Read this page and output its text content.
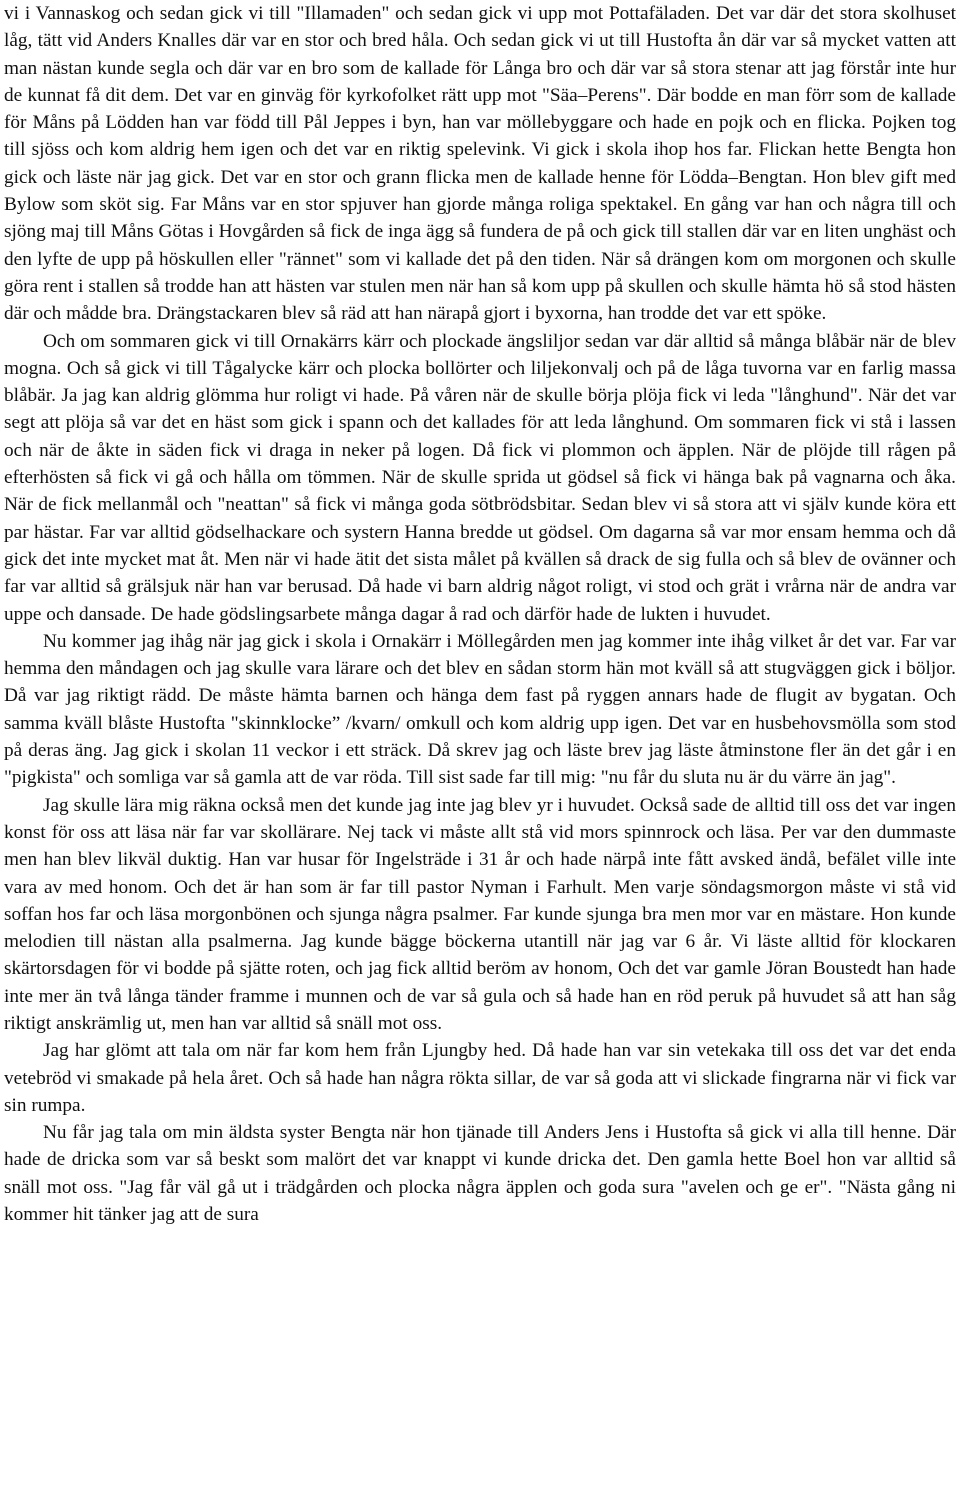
vi i Vannaskog och sedan gick vi till "Illamaden" och sedan gick vi upp mot Pottafäladen. Det var där det stora skolhuset låg, tätt vid Anders Knalles där var en stor och bred håla. Och sedan gick vi ut till Hustofta ån där var så mycket vatten att man nästan kunde segla och där var en bro som de kallade för Långa bro och där var så stora stenar att jag förstår inte hur de kunnat få dit dem. Det var en ginväg för kyrkofolket rätt upp mot "Säa–Perens". Där bodde en man förr som de kallade för Måns på Lödden han var född till Pål Jeppes i byn, han var möllebyggare och hade en pojk och en flicka. Pojken tog till sjöss och kom aldrig hem igen och det var en riktig spelevink. Vi gick i skola ihop hos far. Flickan hette Bengta hon gick och läste när jag gick. Det var en stor och grann flicka men de kallade henne för Lödda–Bengtan. Hon blev gift med Bylow som sköt sig. Far Måns var en stor spjuver han gjorde många roliga spektakel. En gång var han och några till och sjöng maj till Måns Götas i Hovgården så fick de inga ägg så fundera de på och gick till stallen där var en liten unghäst och den lyfte de upp på höskullen eller "rännet" som vi kallade det på den tiden. När så drängen kom om morgonen och skulle göra rent i stallen så trodde han att hästen var stulen men när han så kom upp på skullen och skulle hämta hö så stod hästen där och mådde bra. Drängstackaren blev så räd att han närapå gjort i byxorna, han trodde det var ett spöke.

Och om sommaren gick vi till Ornakärrs kärr och plockade ängsliljor sedan var där alltid så många blåbär när de blev mogna. Och så gick vi till Tågalycke kärr och plocka bollörter och liljekonvalj och på de låga tuvorna var en farlig massa blåbär. Ja jag kan aldrig glömma hur roligt vi hade. På våren när de skulle börja plöja fick vi leda "långhund". När det var segt att plöja så var det en häst som gick i spann och det kallades för att leda långhund. Om sommaren fick vi stå i lassen och när de åkte in säden fick vi draga in neker på logen. Då fick vi plommon och äpplen. När de plöjde till rågen på efterhösten så fick vi gå och hålla om tömmen. När de skulle sprida ut gödsel så fick vi hänga bak på vagnarna och åka. När de fick mellanmål och "neattan" så fick vi många goda sötbrödsbitar. Sedan blev vi så stora att vi själv kunde köra ett par hästar. Far var alltid gödselhackare och systern Hanna bredde ut gödsel. Om dagarna så var mor ensam hemma och då gick det inte mycket mat åt. Men när vi hade ätit det sista målet på kvällen så drack de sig fulla och så blev de ovänner och far var alltid så grälsjuk när han var berusad. Då hade vi barn aldrig något roligt, vi stod och grät i vrårna när de andra var uppe och dansade. De hade gödslingsarbete många dagar å rad och därför hade de lukten i huvudet.

Nu kommer jag ihåg när jag gick i skola i Ornakärr i Möllegården men jag kommer inte ihåg vilket år det var. Far var hemma den måndagen och jag skulle vara lärare och det blev en sådan storm hän mot kväll så att stugväggen gick i böljor. Då var jag riktigt rädd. De måste hämta barnen och hänga dem fast på ryggen annars hade de flugit av bygatan. Och samma kväll blåste Hustofta "skinnklocke” /kvarn/ omkull och kom aldrig upp igen. Det var en husbehovsmölla som stod på deras äng. Jag gick i skolan 11 veckor i ett sträck. Då skrev jag och läste brev jag läste åtminstone fler än det går i en "pigkista" och somliga var så gamla att de var röda. Till sist sade far till mig: "nu får du sluta nu är du värre än jag".

Jag skulle lära mig räkna också men det kunde jag inte jag blev yr i huvudet. Också sade de alltid till oss det var ingen konst för oss att läsa när far var skollärare. Nej tack vi måste allt stå vid mors spinnrock och läsa. Per var den dummaste men han blev likväl duktig. Han var husar för Ingelsträde i 31 år och hade närpå inte fått avsked ändå, befälet ville inte vara av med honom. Och det är han som är far till pastor Nyman i Farhult. Men varje söndagsmorgon måste vi stå vid soffan hos far och läsa morgonbönen och sjunga några psalmer. Far kunde sjunga bra men mor var en mästare. Hon kunde melodien till nästan alla psalmerna. Jag kunde bägge böckerna utantill när jag var 6 år. Vi läste alltid för klockaren skärtorsdagen för vi bodde på sjätte roten, och jag fick alltid beröm av honom, Och det var gamle Jöran Boustedt han hade inte mer än två långa tänder framme i munnen och de var så gula och så hade han en röd peruk på huvudet så att han såg riktigt anskrämlig ut, men han var alltid så snäll mot oss.

Jag har glömt att tala om när far kom hem från Ljungby hed. Då hade han var sin vetekaka till oss det var det enda vetebröd vi smakade på hela året. Och så hade han några rökta sillar, de var så goda att vi slickade fingrarna när vi fick var sin rumpa.

Nu får jag tala om min äldsta syster Bengta när hon tjänade till Anders Jens i Hustofta så gick vi alla till henne. Där hade de dricka som var så beskt som malört det var knappt vi kunde dricka det. Den gamla hette Boel hon var alltid så snäll mot oss. "Jag får väl gå ut i trädgården och plocka några äpplen och goda sura "avelen och ge er". "Nästa gång ni kommer hit tänker jag att de sura
